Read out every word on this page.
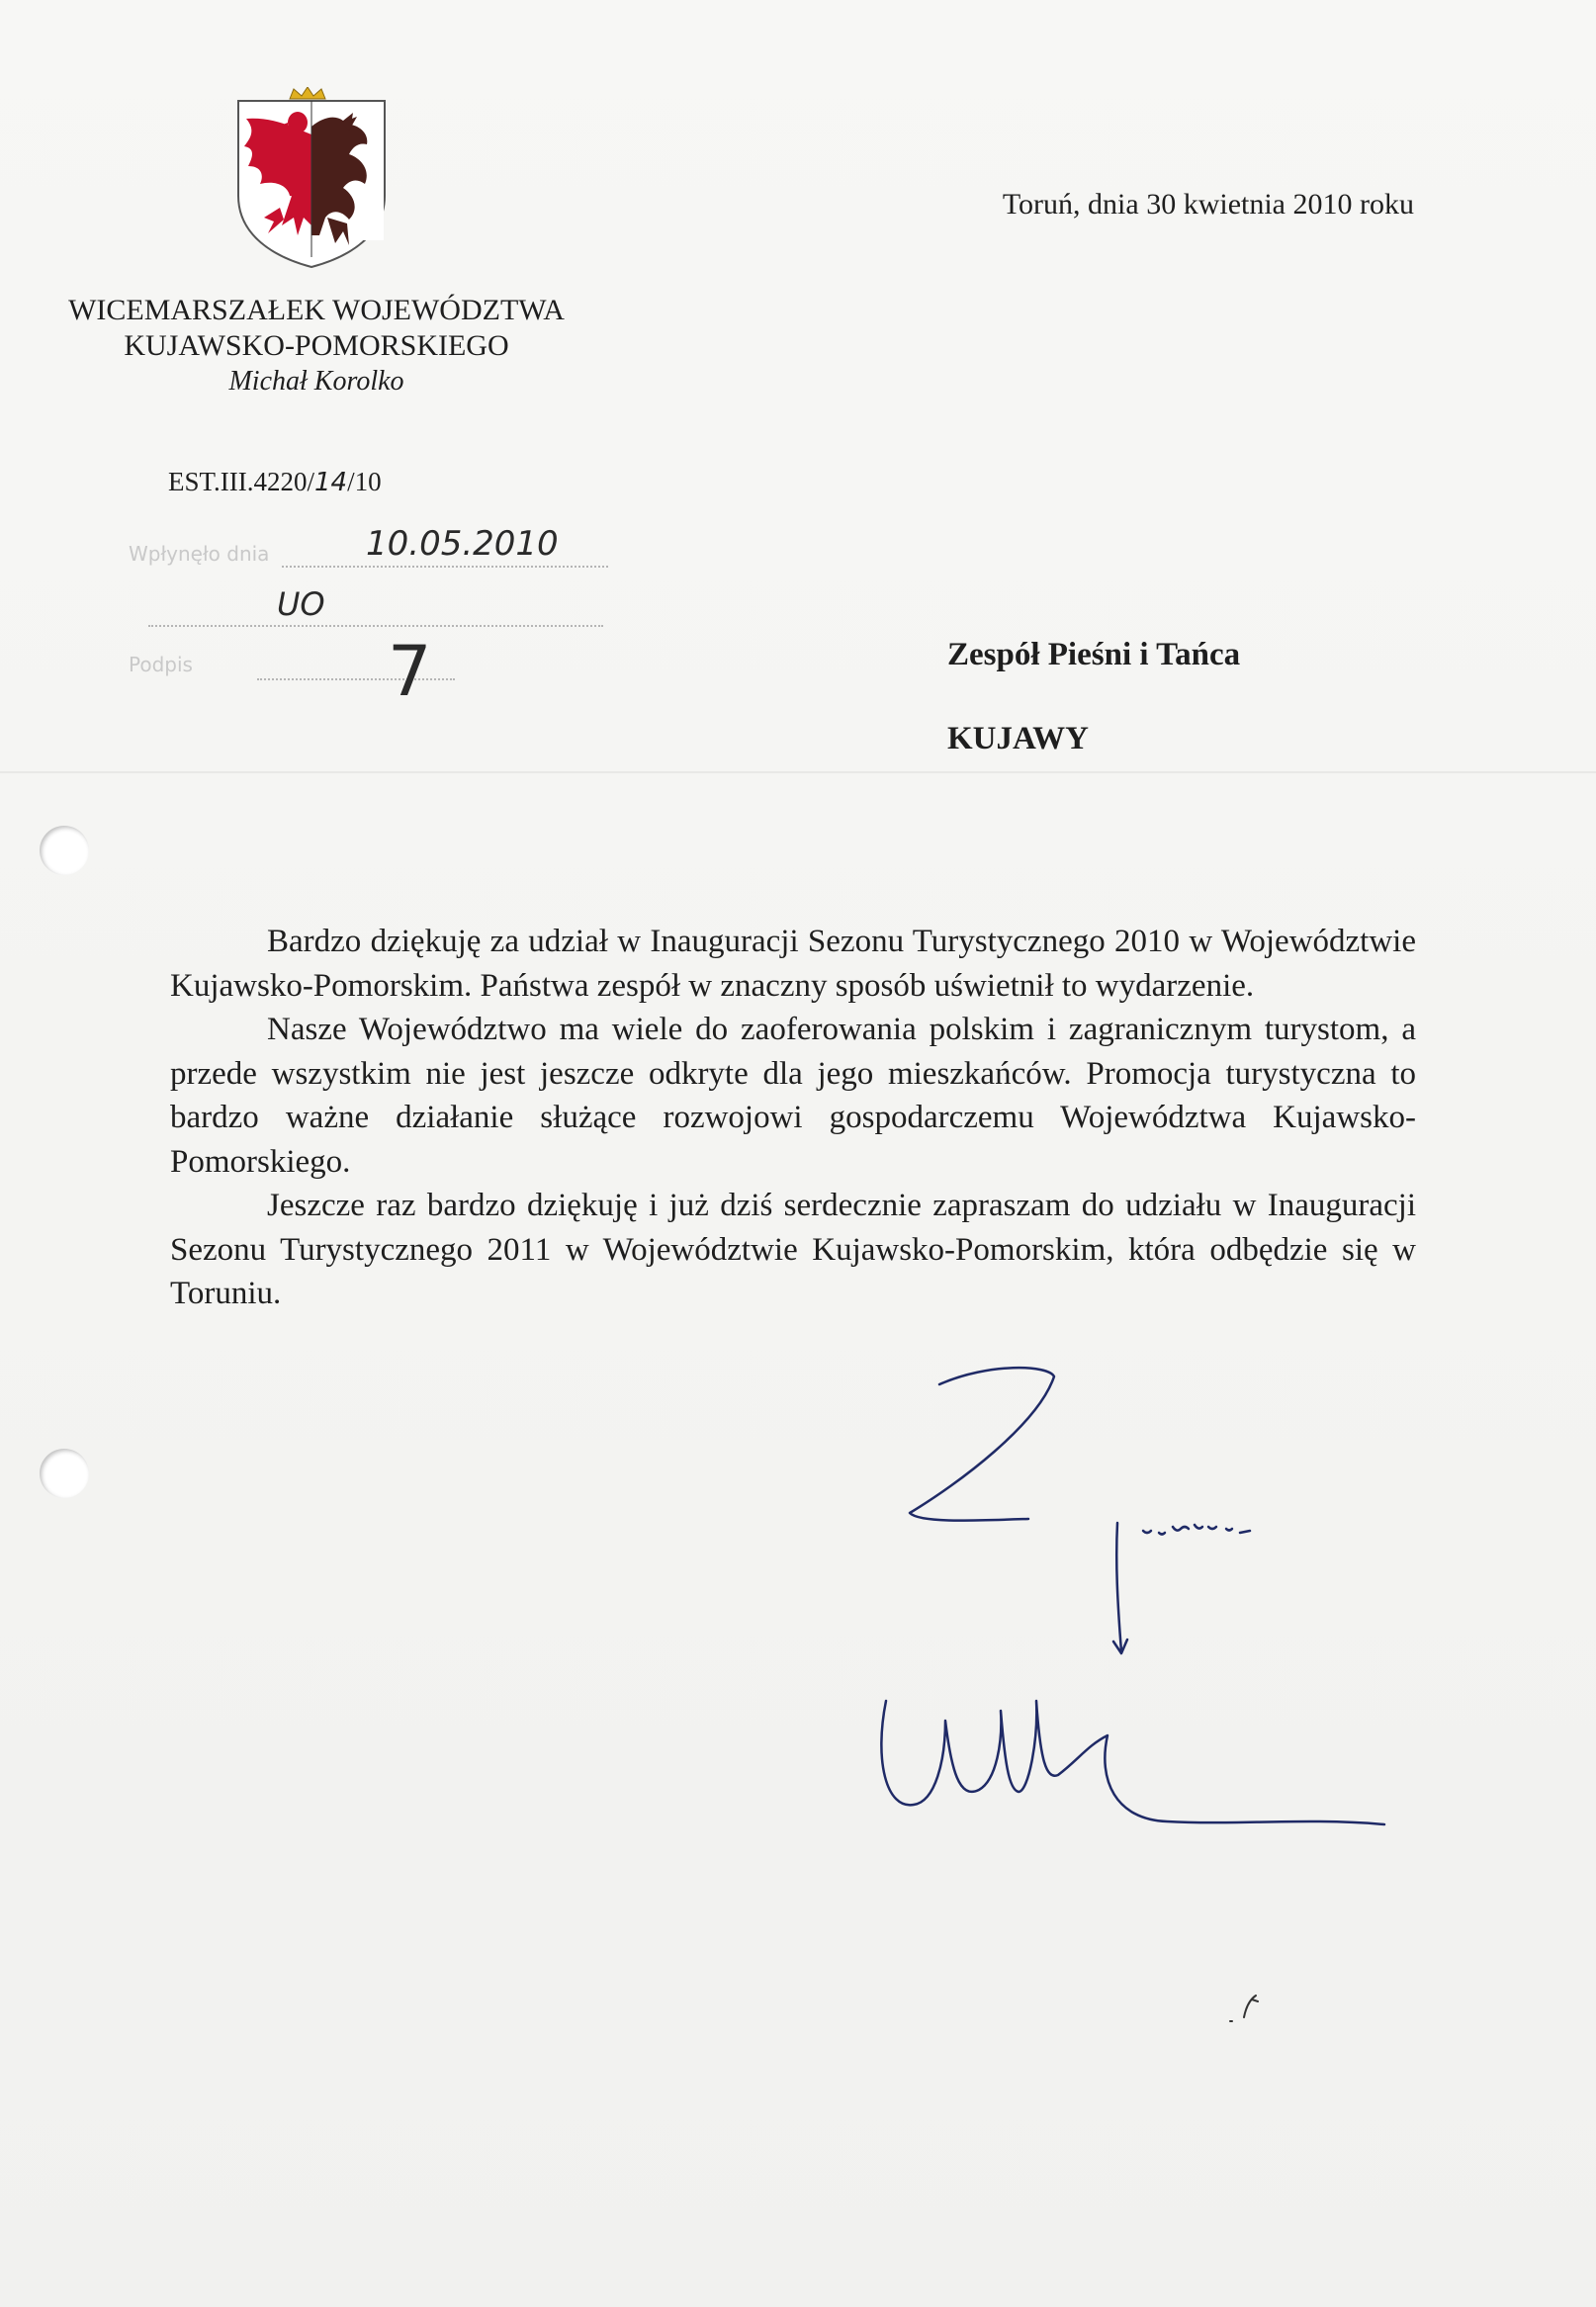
WICEMARSZAŁEK WOJEWÓDZTWA
KUJAWSKO-POMORSKIEGO
Michał Korolko
Toruń, dnia 30 kwietnia 2010 roku
EST.III.4220/14/10
Wpłynęło dnia	10.05.2010
UO
Podpis	7	Zespół Pieśni i Tańca
KUJAWY

Bardzo dziękuję za udział w Inauguracji Sezonu Turystycznego 2010 w Województwie Kujawsko-Pomorskim. Państwa zespół w znaczny sposób uświetnił to wydarzenie.

Nasze Województwo ma wiele do zaoferowania polskim i zagranicznym turystom, a przede wszystkim nie jest jeszcze odkryte dla jego mieszkańców. Promocja turystyczna to bardzo ważne działanie służące rozwojowi gospodarczemu Województwa Kujawsko-Pomorskiego.

Jeszcze raz bardzo dziękuję i już dziś serdecznie zapraszam do udziału w Inauguracji Sezonu Turystycznego 2011 w Województwie Kujawsko-Pomorskim, która odbędzie się w Toruniu.
